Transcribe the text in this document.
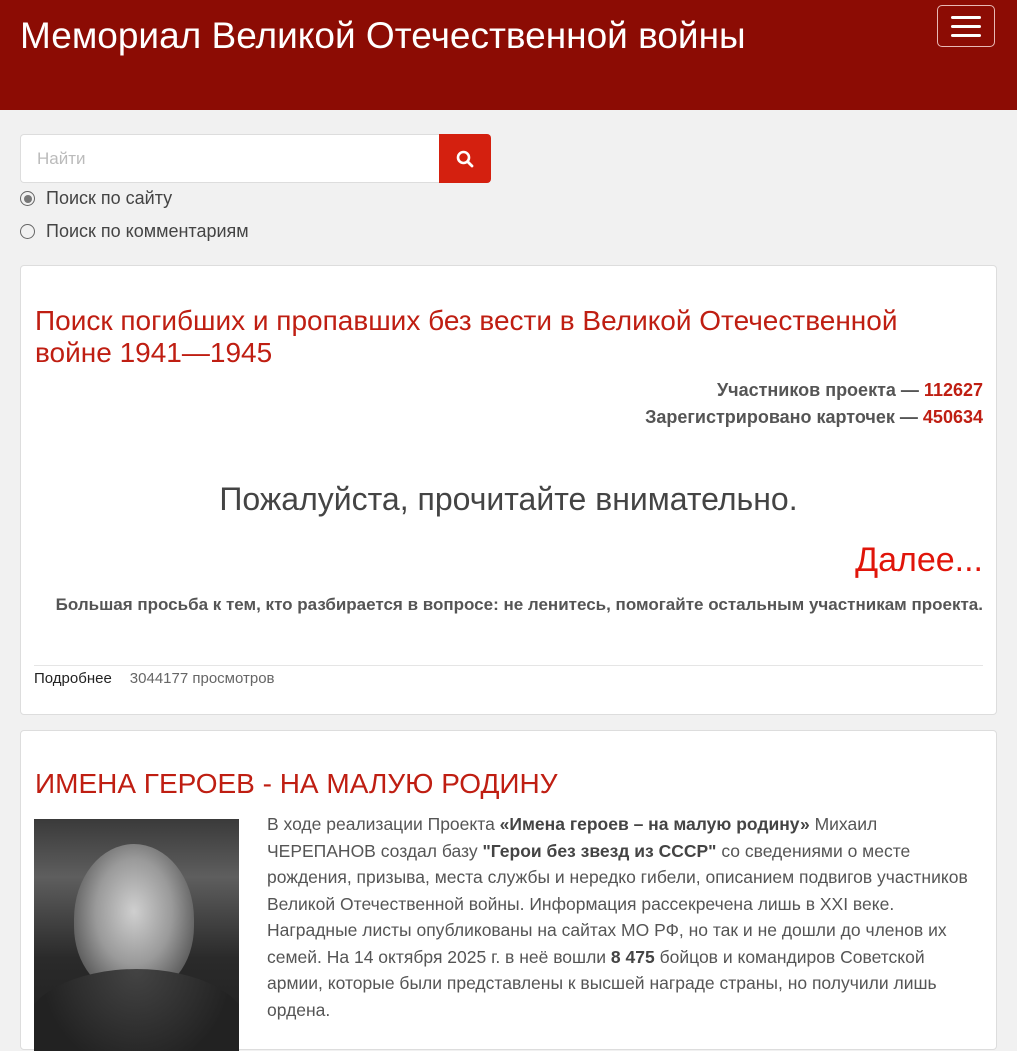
Мемориал Великой Отечественной войны
Найти
Поиск по сайту
Поиск по комментариям
Поиск погибших и пропавших без вести в Великой Отечественной войне 1941—1945
Участников проекта — 112627
Зарегистрировано карточек — 450634
Пожалуйста, прочитайте внимательно.
Далее...
Большая просьба к тем, кто разбирается в вопросе: не ленитесь, помогайте остальным участникам проекта.
Подробнее 3044177 просмотров
ИМЕНА ГЕРОЕВ - НА МАЛУЮ РОДИНУ
В ходе реализации Проекта «Имена героев – на малую родину» Михаил ЧЕРЕПАНОВ создал базу "Герои без звезд из СССР" со сведениями о месте рождения, призыва, места службы и нередко гибели, описанием подвигов участников Великой Отечественной войны. Информация рассекречена лишь в XXI веке. Наградные листы опубликованы на сайтах МО РФ, но так и не дошли до членов их семей. На 14 октября 2025 г. в неё вошли 8 475 бойцов и командиров Советской армии, которые были представлены к высшей награде страны, но получили лишь ордена.
